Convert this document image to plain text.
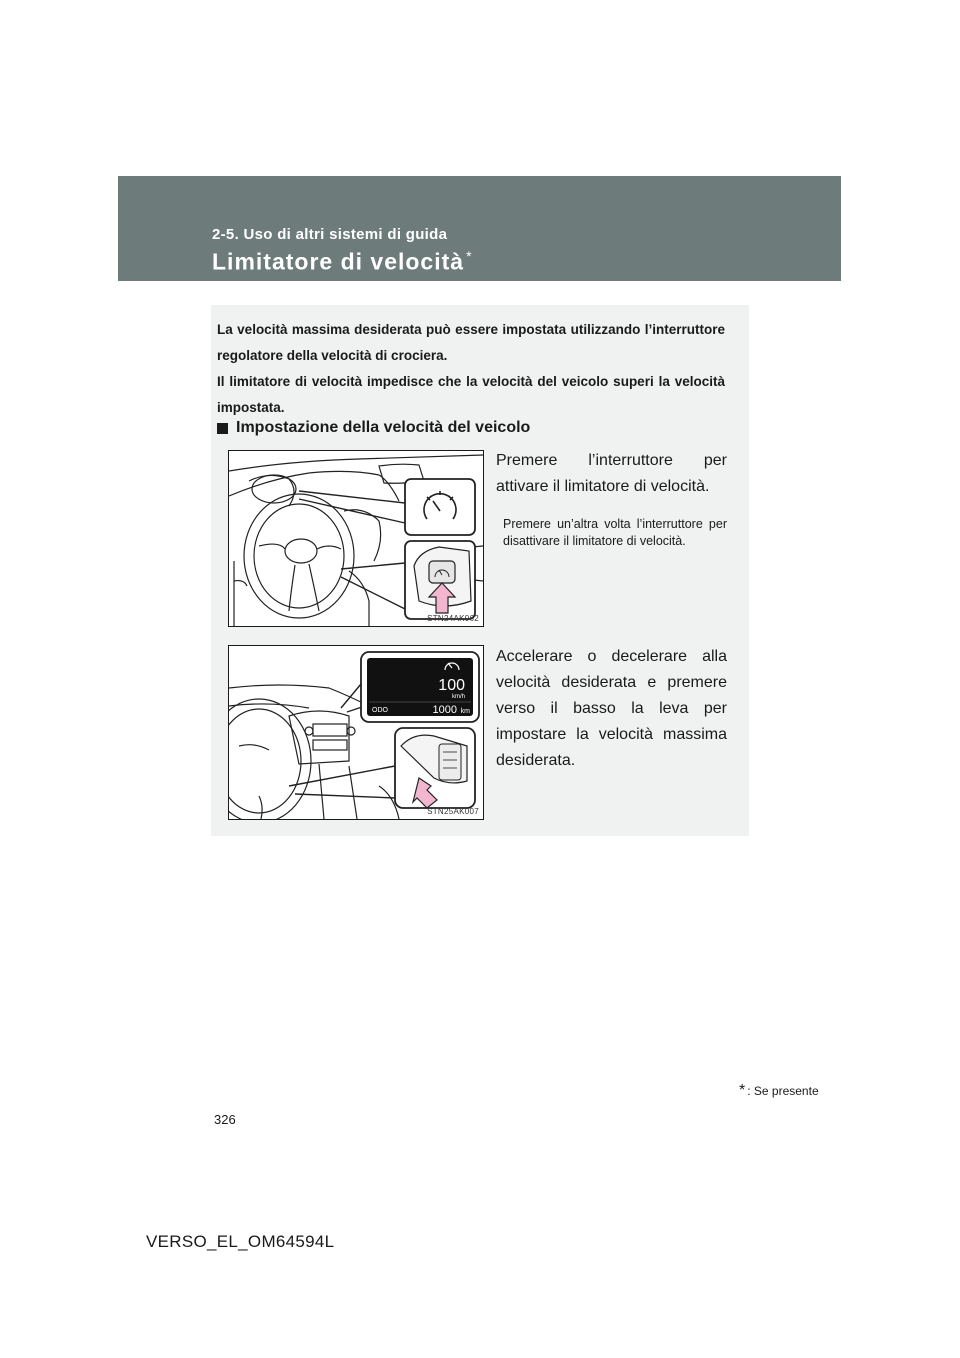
2-5. Uso di altri sistemi di guida
Limitatore di velocità *

La velocità massima desiderata può essere impostata utilizzando l’interruttore regolatore della velocità di crociera.

Il limitatore di velocità impedisce che la velocità del veicolo superi la velocità impostata.

Impostazione della velocità del veicolo
STN24AK062

Premere l’interruttore per attivare il limitatore di velocità.

Premere un’altra volta l’interruttore per disattivare il limitatore di velocità.

100
km/h
ODO	1000 km
STN25AK007

Accelerare o decelerare alla velocità desiderata e premere verso il basso la leva per impostare la velocità massima desiderata.

* : Se presente
326
VERSO_EL_OM64594L
